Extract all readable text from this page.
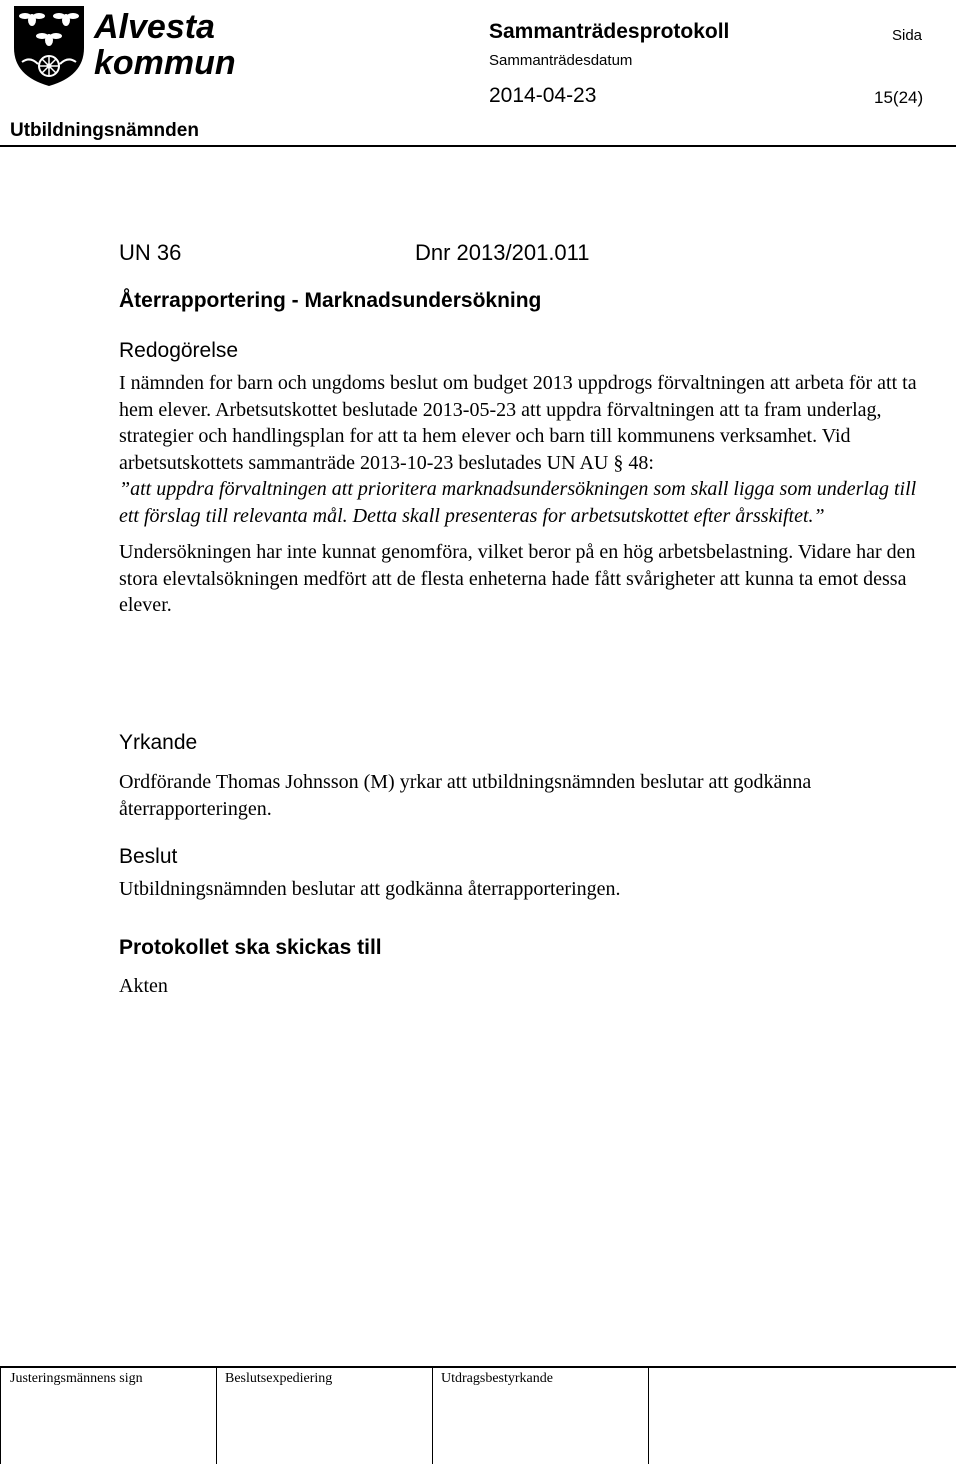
Alvesta
kommun
Sammanträdesprotokoll	Sida
Sammanträdesdatum
2014-04-23	15(24)
Utbildningsnämnden
UN 36	Dnr 2013/201.011
Återrapportering - Marknadsundersökning
Redogörelse

I nämnden for barn och ungdoms beslut om budget 2013 uppdrogs förvaltningen att arbeta för att ta hem elever. Arbetsutskottet beslutade 2013-05-23 att uppdra förvaltningen att ta fram underlag, strategier och handlingsplan for att ta hem elever och barn till kommunens verksamhet. Vid arbetsutskottets sammanträde 2013-10-23 beslutades UN AU § 48:

”att uppdra förvaltningen att prioritera marknadsundersökningen som skall ligga som underlag till ett förslag till relevanta mål. Detta skall presenteras for arbetsutskottet efter årsskiftet.”

Undersökningen har inte kunnat genomföra, vilket beror på en hög arbetsbelastning. Vidare har den stora elevtalsökningen medfört att de flesta enheterna hade fått svårigheter att kunna ta emot dessa elever.

Yrkande

Ordförande Thomas Johnsson (M) yrkar att utbildningsnämnden beslutar att godkänna återrapporteringen.

Beslut

Utbildningsnämnden beslutar att godkänna återrapporteringen.

Protokollet ska skickas till

Akten

Justeringsmännens sign	Beslutsexpediering	Utdragsbestyrkande
